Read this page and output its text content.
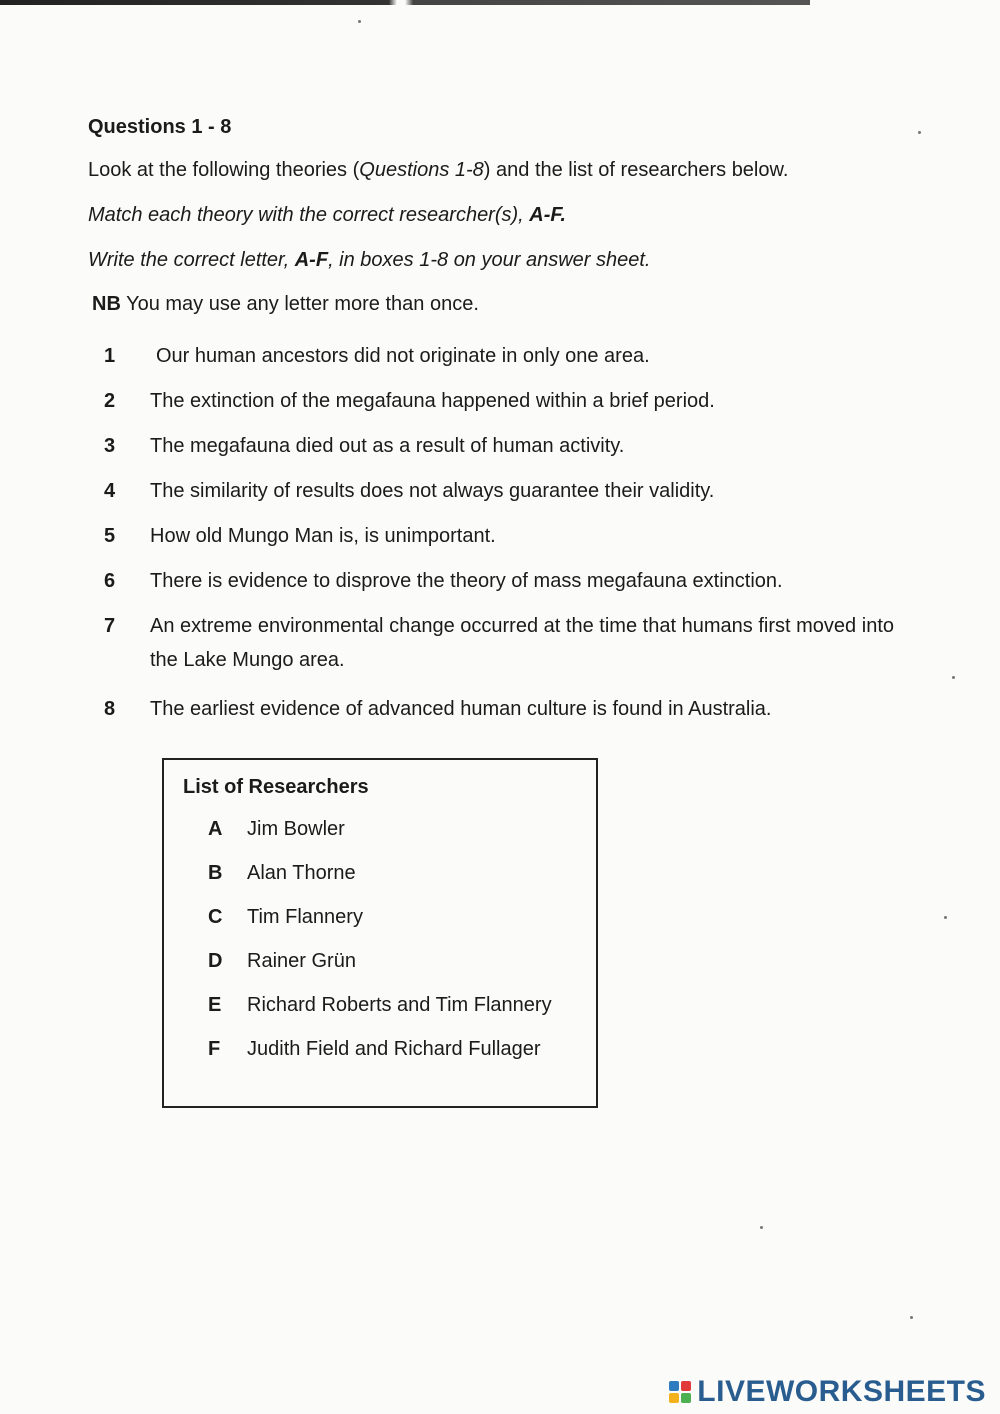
Questions 1 - 8
Look at the following theories (Questions 1-8) and the list of researchers below.
Match each theory with the correct researcher(s), A-F.
Write the correct letter, A-F, in boxes 1-8 on your answer sheet.
NB You may use any letter more than once.
1	Our human ancestors did not originate in only one area.
2	The extinction of the megafauna happened within a brief period.
3	The megafauna died out as a result of human activity.
4	The similarity of results does not always guarantee their validity.
5	How old Mungo Man is, is unimportant.
6	There is evidence to disprove the theory of mass megafauna extinction.
7	An extreme environmental change occurred at the time that humans first moved into the Lake Mungo area.
8	The earliest evidence of advanced human culture is found in Australia.
List of Researchers
A	Jim Bowler
B	Alan Thorne
C	Tim Flannery
D	Rainer Grün
E	Richard Roberts and Tim Flannery
F	Judith Field and Richard Fullager
LIVEWORKSHEETS
